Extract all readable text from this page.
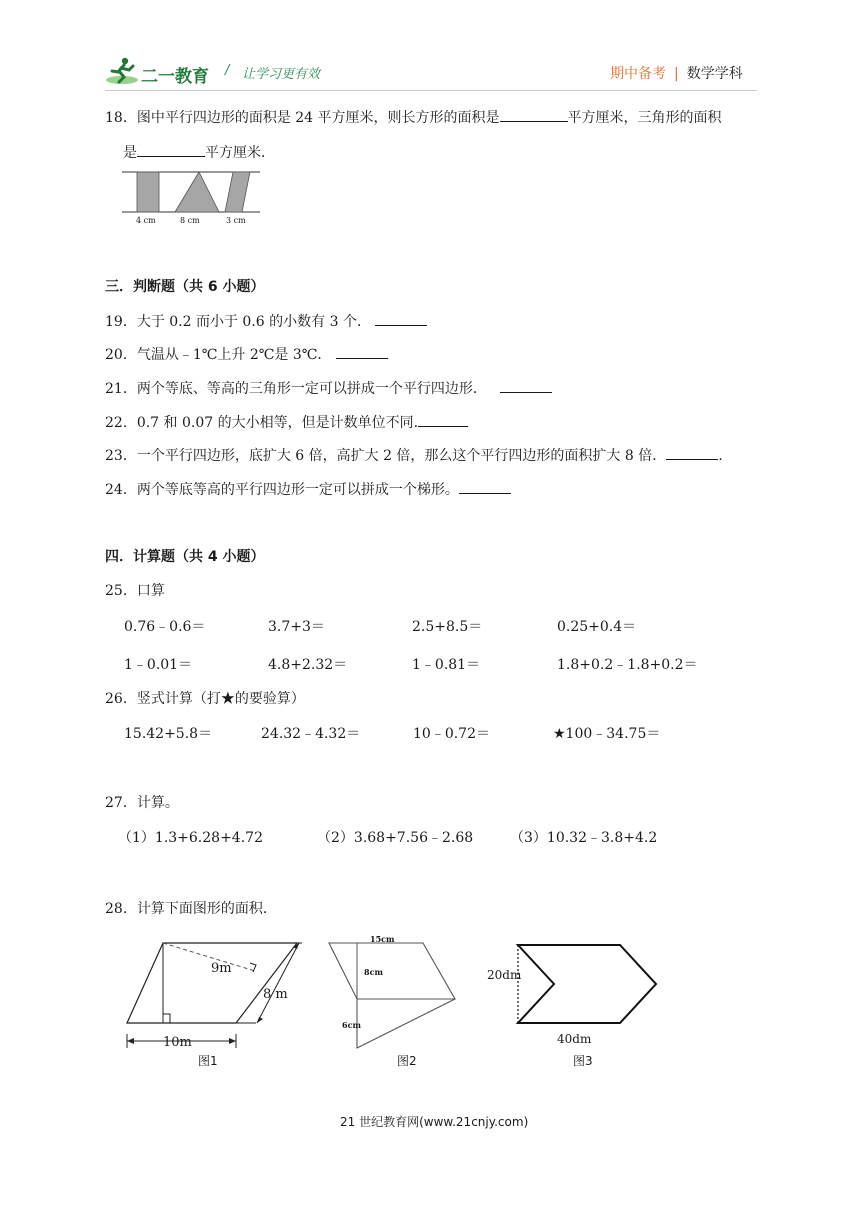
二一教育 / 让学习更有效	期中备考 | 数学学科
18．图中平行四边形的面积是 24 平方厘米，则长方形的面积是	平方厘米，三角形的面积
是	平方厘米．
4 cm	8 cm	3 cm
三．判断题（共 6 小题）
19．大于 0.2 而小于 0.6 的小数有 3 个．
20．气温从﹣1℃上升 2℃是 3℃．
21．两个等底、等高的三角形一定可以拼成一个平行四边形．
22．0.7 和 0.07 的大小相等，但是计数单位不同.
23．一个平行四边形，底扩大 6 倍，高扩大 2 倍，那么这个平行四边形的面积扩大 8 倍．	.
24．两个等底等高的平行四边形一定可以拼成一个梯形。
四．计算题（共 4 小题）
25．口算
0.76﹣0.6＝	3.7+3＝	2.5+8.5＝	0.25+0.4＝
1﹣0.01＝	4.8+2.32＝	1﹣0.81＝	1.8+0.2﹣1.8+0.2＝
26．竖式计算（打★的要验算）
15.42+5.8＝	24.32﹣4.32＝	10﹣0.72＝	★100﹣34.75＝
27．计算。
（1）1.3+6.28+4.72	（2）3.68+7.56﹣2.68	（3）10.32﹣3.8+4.2
28．计算下面图形的面积．
9m
8 m
10m
图1
15cm
8cm
6cm
图2
20dm
40dm
图3
21 世纪教育网(www.21cnjy.com)
